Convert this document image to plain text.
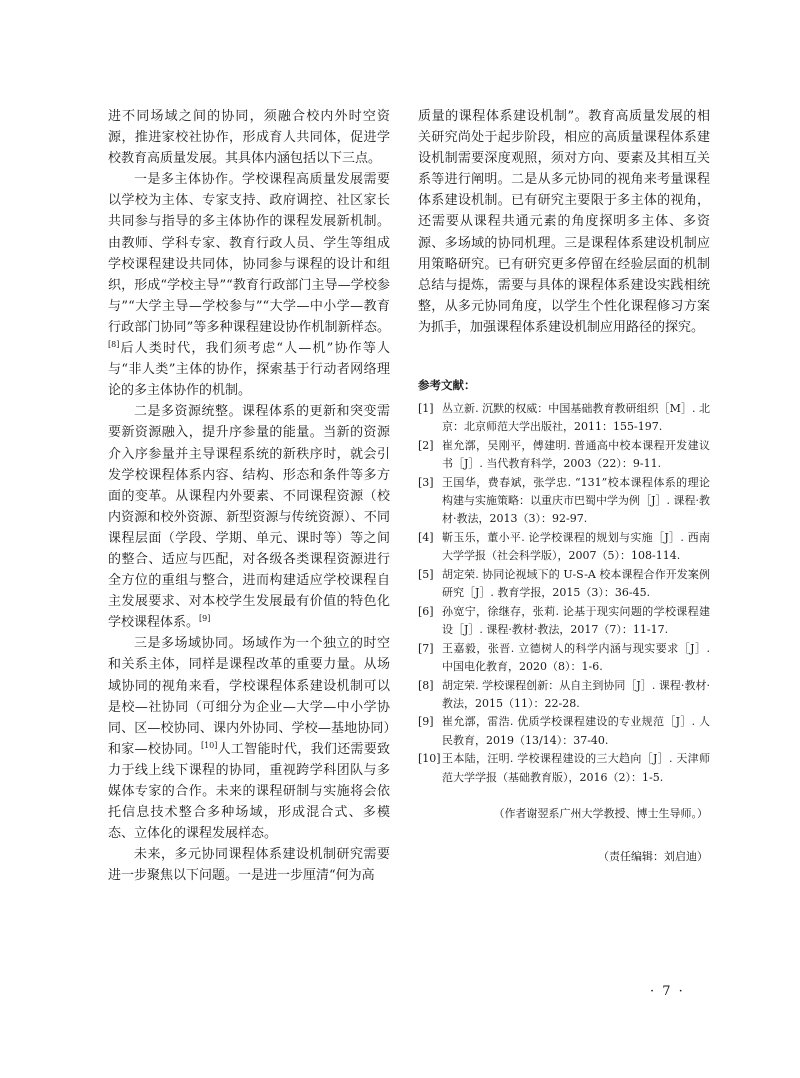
进不同场域之间的协同，须融合校内外时空资源，推进家校社协作，形成育人共同体，促进学校教育高质量发展。其具体内涵包括以下三点。

一是多主体协作。学校课程高质量发展需要以学校为主体、专家支持、政府调控、社区家长共同参与指导的多主体协作的课程发展新机制。由教师、学科专家、教育行政人员、学生等组成学校课程建设共同体，协同参与课程的设计和组织，形成“学校主导”“教育行政部门主导—学校参与”“大学主导—学校参与”“大学—中小学—教育行政部门协同”等多种课程建设协作机制新样态。[8]后人类时代，我们须考虑“人—机”协作等人与“非人类”主体的协作，探索基于行动者网络理论的多主体协作的机制。

二是多资源统整。课程体系的更新和突变需要新资源融入，提升序参量的能量。当新的资源介入序参量并主导课程系统的新秩序时，就会引发学校课程体系内容、结构、形态和条件等多方面的变革。从课程内外要素、不同课程资源（校内资源和校外资源、新型资源与传统资源）、不同课程层面（学段、学期、单元、课时等）等之间的整合、适应与匹配，对各级各类课程资源进行全方位的重组与整合，进而构建适应学校课程自主发展要求、对本校学生发展最有价值的特色化学校课程体系。[9]

三是多场域协同。场域作为一个独立的时空和关系主体，同样是课程改革的重要力量。从场域协同的视角来看，学校课程体系建设机制可以是校—社协同（可细分为企业—大学—中小学协同、区—校协同、课内外协同、学校—基地协同）和家—校协同。[10]人工智能时代，我们还需要致力于线上线下课程的协同，重视跨学科团队与多媒体专家的合作。未来的课程研制与实施将会依托信息技术整合多种场域，形成混合式、多模态、立体化的课程发展样态。

未来，多元协同课程体系建设机制研究需要进一步聚焦以下问题。一是进一步厘清“何为高

质量的课程体系建设机制”。教育高质量发展的相关研究尚处于起步阶段，相应的高质量课程体系建设机制需要深度观照，须对方向、要素及其相互关系等进行阐明。二是从多元协同的视角来考量课程体系建设机制。已有研究主要限于多主体的视角，还需要从课程共通元素的角度探明多主体、多资源、多场域的协同机理。三是课程体系建设机制应用策略研究。已有研究更多停留在经验层面的机制总结与提炼，需要与具体的课程体系建设实践相统整，从多元协同角度，以学生个性化课程修习方案为抓手，加强课程体系建设机制应用路径的探究。

参考文献：

[1] 丛立新. 沉默的权威：中国基础教育教研组织［M］. 北京：北京师范大学出版社，2011：155-197.
[2] 崔允漷，吴刚平，傅建明. 普通高中校本课程开发建议书［J］. 当代教育科学，2003（22）：9-11.
[3] 王国华，费春斌，张学忠. “131”校本课程体系的理论构建与实施策略：以重庆市巴蜀中学为例［J］. 课程·教材·教法，2013（3）：92-97.
[4] 靳玉乐，董小平. 论学校课程的规划与实施［J］. 西南大学学报（社会科学版），2007（5）：108-114.
[5] 胡定荣. 协同论视域下的 U-S-A 校本课程合作开发案例研究［J］. 教育学报，2015（3）：36-45.
[6] 孙宽宁，徐继存，张莉. 论基于现实问题的学校课程建设［J］. 课程·教材·教法，2017（7）：11-17.
[7] 王嘉毅，张晋. 立德树人的科学内涵与现实要求［J］. 中国电化教育，2020（8）：1-6.
[8] 胡定荣. 学校课程创新：从自主到协同［J］. 课程·教材·教法，2015（11）：22-28.
[9] 崔允漷，雷浩. 优质学校课程建设的专业规范［J］. 人民教育，2019（13/14）：37-40.
[10] 王本陆，汪明. 学校课程建设的三大趋向［J］. 天津师范大学学报（基础教育版），2016（2）：1-5.

（作者谢翌系广州大学教授、博士生导师。）

（责任编辑：刘启迪）

· 7 ·
